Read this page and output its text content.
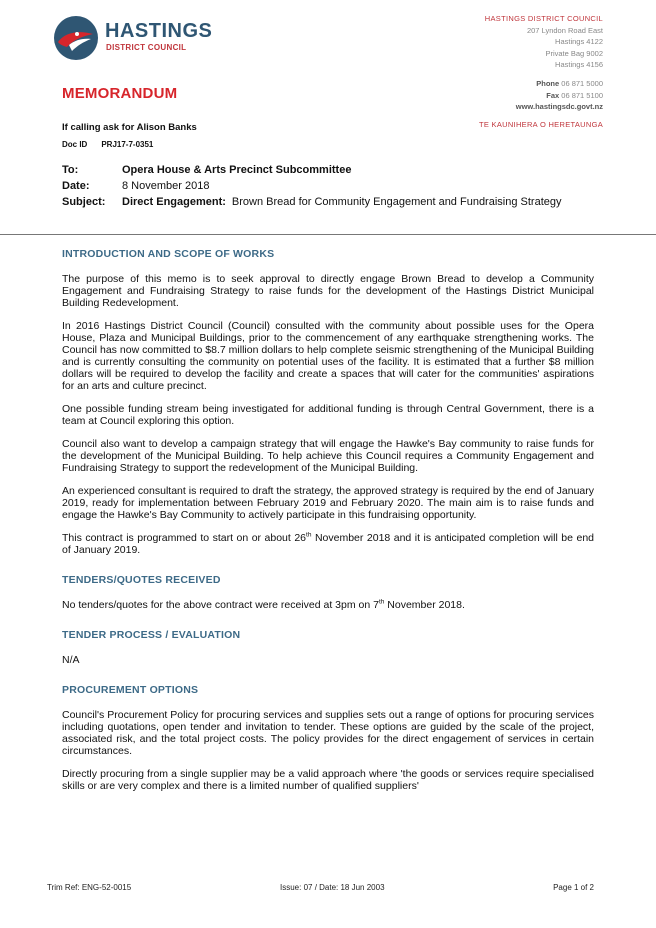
HASTINGS
DISTRICT COUNCIL
HASTINGS DISTRICT COUNCIL
207 Lyndon Road East
Hastings 4122
Private Bag 9002
Hastings 4156
Phone 06 871 5000
Fax 06 871 5100
www.hastingsdc.govt.nz
TE KAUNIHERA O HERETAUNGA
MEMORANDUM
If calling ask for Alison Banks
Doc ID PRJ17-7-0351
To:	Opera House & Arts Precinct Subcommittee
Date:	8 November 2018
Subject: Direct Engagement: Brown Bread for Community Engagement and Fundraising Strategy
INTRODUCTION AND SCOPE OF WORKS

The purpose of this memo is to seek approval to directly engage Brown Bread to develop a Community Engagement and Fundraising Strategy to raise funds for the development of the Hastings District Municipal Building Redevelopment.

In 2016 Hastings District Council (Council) consulted with the community about possible uses for the Opera House, Plaza and Municipal Buildings, prior to the commencement of any earthquake strengthening works. The Council has now committed to $8.7 million dollars to help complete seismic strengthening of the Municipal Building and is currently consulting the community on potential uses of the facility. It is estimated that a further $8 million dollars will be required to develop the facility and create a spaces that will cater for the communities' aspirations for an arts and culture precinct.

One possible funding stream being investigated for additional funding is through Central Government, there is a team at Council exploring this option.

Council also want to develop a campaign strategy that will engage the Hawke's Bay community to raise funds for the development of the Municipal Building. To help achieve this Council requires a Community Engagement and Fundraising Strategy to support the redevelopment of the Municipal Building.

An experienced consultant is required to draft the strategy, the approved strategy is required by the end of January 2019, ready for implementation between February 2019 and February 2020. The main aim is to raise funds and engage the Hawke's Bay Community to actively participate in this fundraising opportunity.

This contract is programmed to start on or about 26th November 2018 and it is anticipated completion will be end of January 2019.

TENDERS/QUOTES RECEIVED

No tenders/quotes for the above contract were received at 3pm on 7th November 2018.

TENDER PROCESS / EVALUATION

N/A

PROCUREMENT OPTIONS

Council's Procurement Policy for procuring services and supplies sets out a range of options for procuring services including quotations, open tender and invitation to tender. These options are guided by the scale of the project, associated risk, and the total project costs. The policy provides for the direct engagement of services in certain circumstances.

Directly procuring from a single supplier may be a valid approach where 'the goods or services require specialised skills or are very complex and there is a limited number of qualified suppliers'

Trim Ref: ENG-52-0015	Issue: 07 / Date: 18 Jun 2003	Page 1 of 2
